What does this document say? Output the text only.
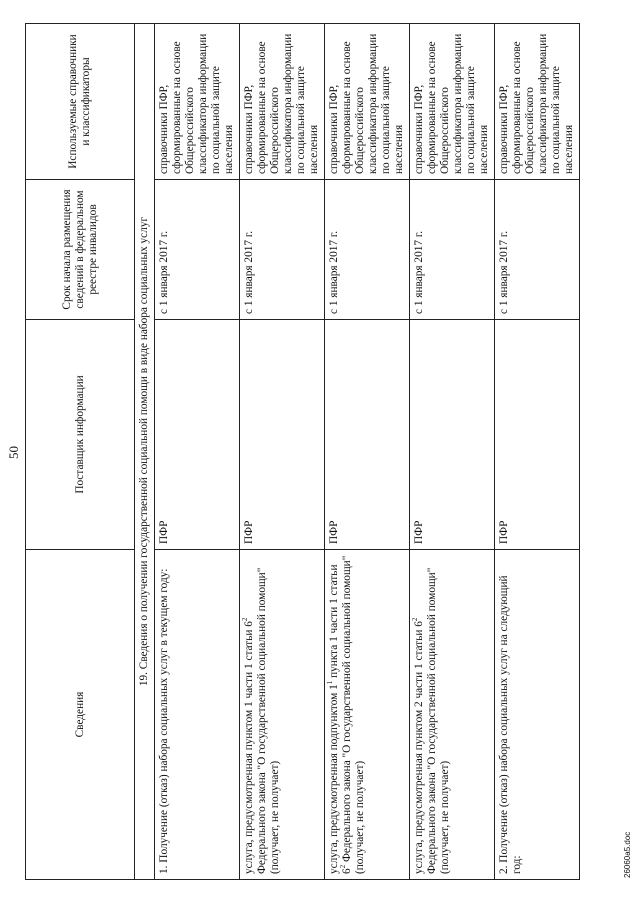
50
Сведения	Поставщик информации	Срок начала размещения сведений в федеральном реестре инвалидов	Используемые справочники и классификаторы
19. Сведения о получении государственной социальной помощи в виде набора социальных услуг			
1. Получение (отказ) набора социальных услуг в текущем году:	ПФР	с 1 января 2017 г.	справочники ПФР, сформированные на основе Общероссийского классификатора информации по социальной защите населения
услуга, предусмотренная пунктом 1 части 1 статьи $6^2$ Федерального закона "О государственной социальной помощи" (получает, не получает)	ПФР	с 1 января 2017 г.	справочники ПФР, сформированные на основе Общероссийского классификатора информации по социальной защите населения
услуга, предусмотренная подпунктом $1^1$ пункта 1 части 1 статьи $6^2$ Федерального закона "О государственной социальной помощи" (получает, не получает)	ПФР	с 1 января 2017 г.	справочники ПФР, сформированные на основе Общероссийского классификатора информации по социальной защите населения
услуга, предусмотренная пунктом 2 части 1 статьи $6^2$ Федерального закона "О государственной социальной помощи" (получает, не получает)	ПФР	с 1 января 2017 г.	справочники ПФР, сформированные на основе Общероссийского классификатора информации по социальной защите населения
2. Получение (отказ) набора социальных услуг на следующий год:	ПФР	с 1 января 2017 г.	справочники ПФР, сформированные на основе Общероссийского классификатора информации по социальной защите населения
26060a5.doc
